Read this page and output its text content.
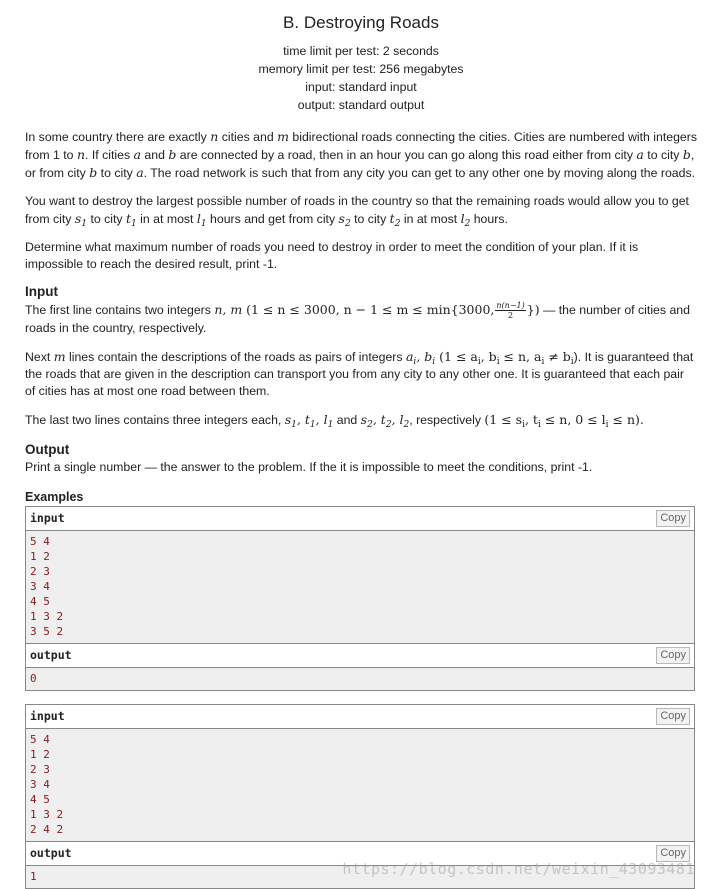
B. Destroying Roads
time limit per test: 2 seconds
memory limit per test: 256 megabytes
input: standard input
output: standard output

In some country there are exactly n cities and m bidirectional roads connecting the cities. Cities are numbered with integers from 1 to n. If cities a and b are connected by a road, then in an hour you can go along this road either from city a to city b, or from city b to city a. The road network is such that from any city you can get to any other one by moving along the roads.

You want to destroy the largest possible number of roads in the country so that the remaining roads would allow you to get from city $s_1$ to city $t_1$ in at most $l_1$ hours and get from city $s_2$ to city $t_2$ in at most $l_2$ hours.

Determine what maximum number of roads you need to destroy in order to meet the condition of your plan. If it is impossible to reach the desired result, print -1.

Input

The first line contains two integers n, m (1 ≤ n ≤ 3000, n − 1 ≤ m ≤ min{3000, $\frac{n(n-1)}{2}$ }) — the number of cities and roads in the country, respectively.

Next m lines contain the descriptions of the roads as pairs of integers $a_i$, $b_i$ ($1 \le a_i$, $b_i \le n$, $a_i \ne b_i$). It is guaranteed that the roads that are given in the description can transport you from any city to any other one. It is guaranteed that each pair of cities has at most one road between them.

The last two lines contains three integers each, $s_1$, $t_1$, $l_1$ and $s_2$, $t_2$, $l_2$, respectively ($1 \le s_i$, $t_i \le n$, $0 \le l_i \le n$).

Output

Print a single number — the answer to the problem. If the it is impossible to meet the conditions, print -1.

Examples
input	Copy
5 4
1 2
2 3
3 4
4 5
1 3 2
3 5 2
output	Copy
0
input	Copy
5 4
1 2
2 3
3 4
4 5
1 3 2
2 4 2
output	Copy
1	https://blog.csdn.net/weixin_43093481
